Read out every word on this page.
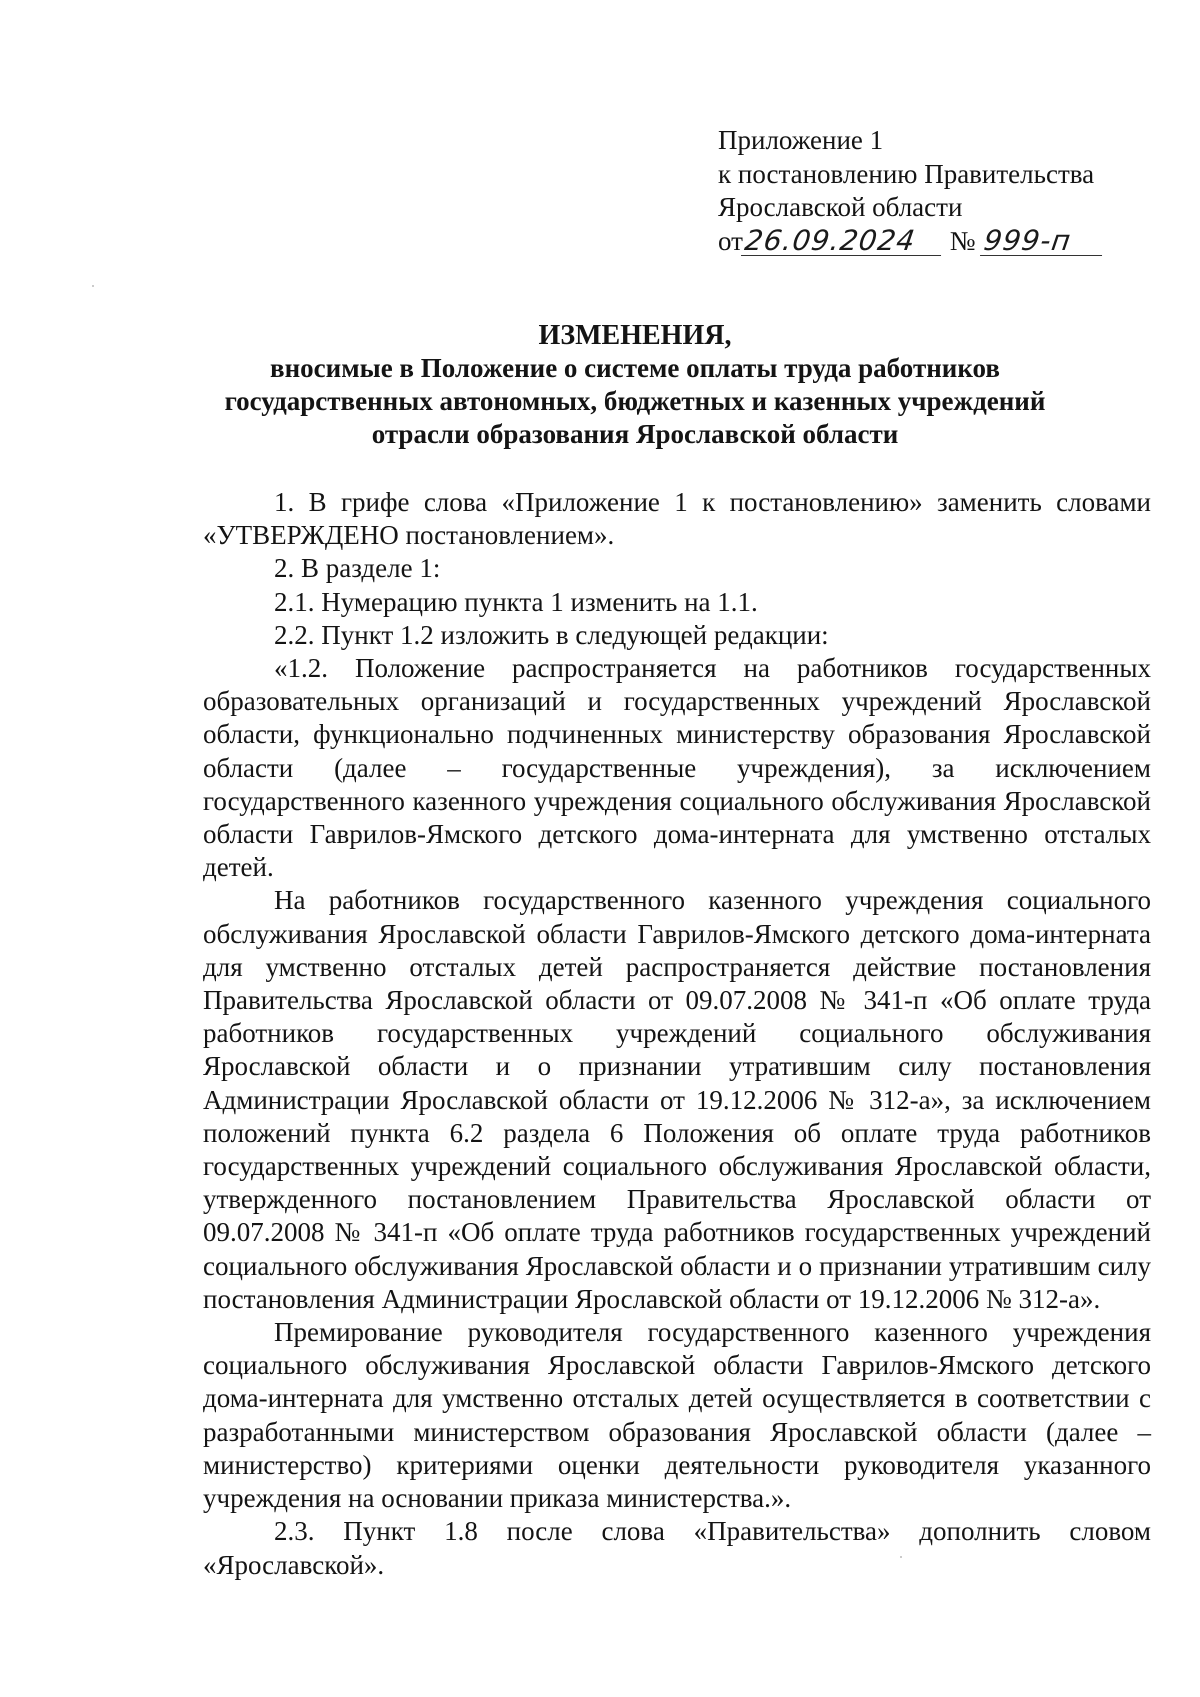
Приложение 1
к постановлению Правительства
Ярославской области
от26.09.2024 № 999-п
ИЗМЕНЕНИЯ,
вносимые в Положение о системе оплаты труда работников
государственных автономных, бюджетных и казенных учреждений
отрасли образования Ярославской области

1. В грифе слова «Приложение 1 к постановлению» заменить словами «УТВЕРЖДЕНО постановлением».

2. В разделе 1:

2.1. Нумерацию пункта 1 изменить на 1.1.

2.2. Пункт 1.2 изложить в следующей редакции:

«1.2. Положение распространяется на работников государственных образовательных организаций и государственных учреждений Ярославской области, функционально подчиненных министерству образования Ярославской области (далее – государственные учреждения), за исключением государственного казенного учреждения социального обслуживания Ярославской области Гаврилов-Ямского детского дома-интерната для умственно отсталых детей.

На работников государственного казенного учреждения социального обслуживания Ярославской области Гаврилов-Ямского детского дома-интерната для умственно отсталых детей распространяется действие постановления Правительства Ярославской области от 09.07.2008 № 341-п «Об оплате труда работников государственных учреждений социального обслуживания Ярославской области и о признании утратившим силу постановления Администрации Ярославской области от 19.12.2006 № 312-а», за исключением положений пункта 6.2 раздела 6 Положения об оплате труда работников государственных учреждений социального обслуживания Ярославской области, утвержденного постановлением Правительства Ярославской области от 09.07.2008 № 341-п «Об оплате труда работников государственных учреждений социального обслуживания Ярославской области и о признании утратившим силу постановления Администрации Ярославской области от 19.12.2006 № 312-а».

Премирование руководителя государственного казенного учреждения социального обслуживания Ярославской области Гаврилов-Ямского детского дома-интерната для умственно отсталых детей осуществляется в соответствии с разработанными министерством образования Ярославской области (далее – министерство) критериями оценки деятельности руководителя указанного учреждения на основании приказа министерства.».

2.3. Пункт 1.8 после слова «Правительства» дополнить словом «Ярославской».
